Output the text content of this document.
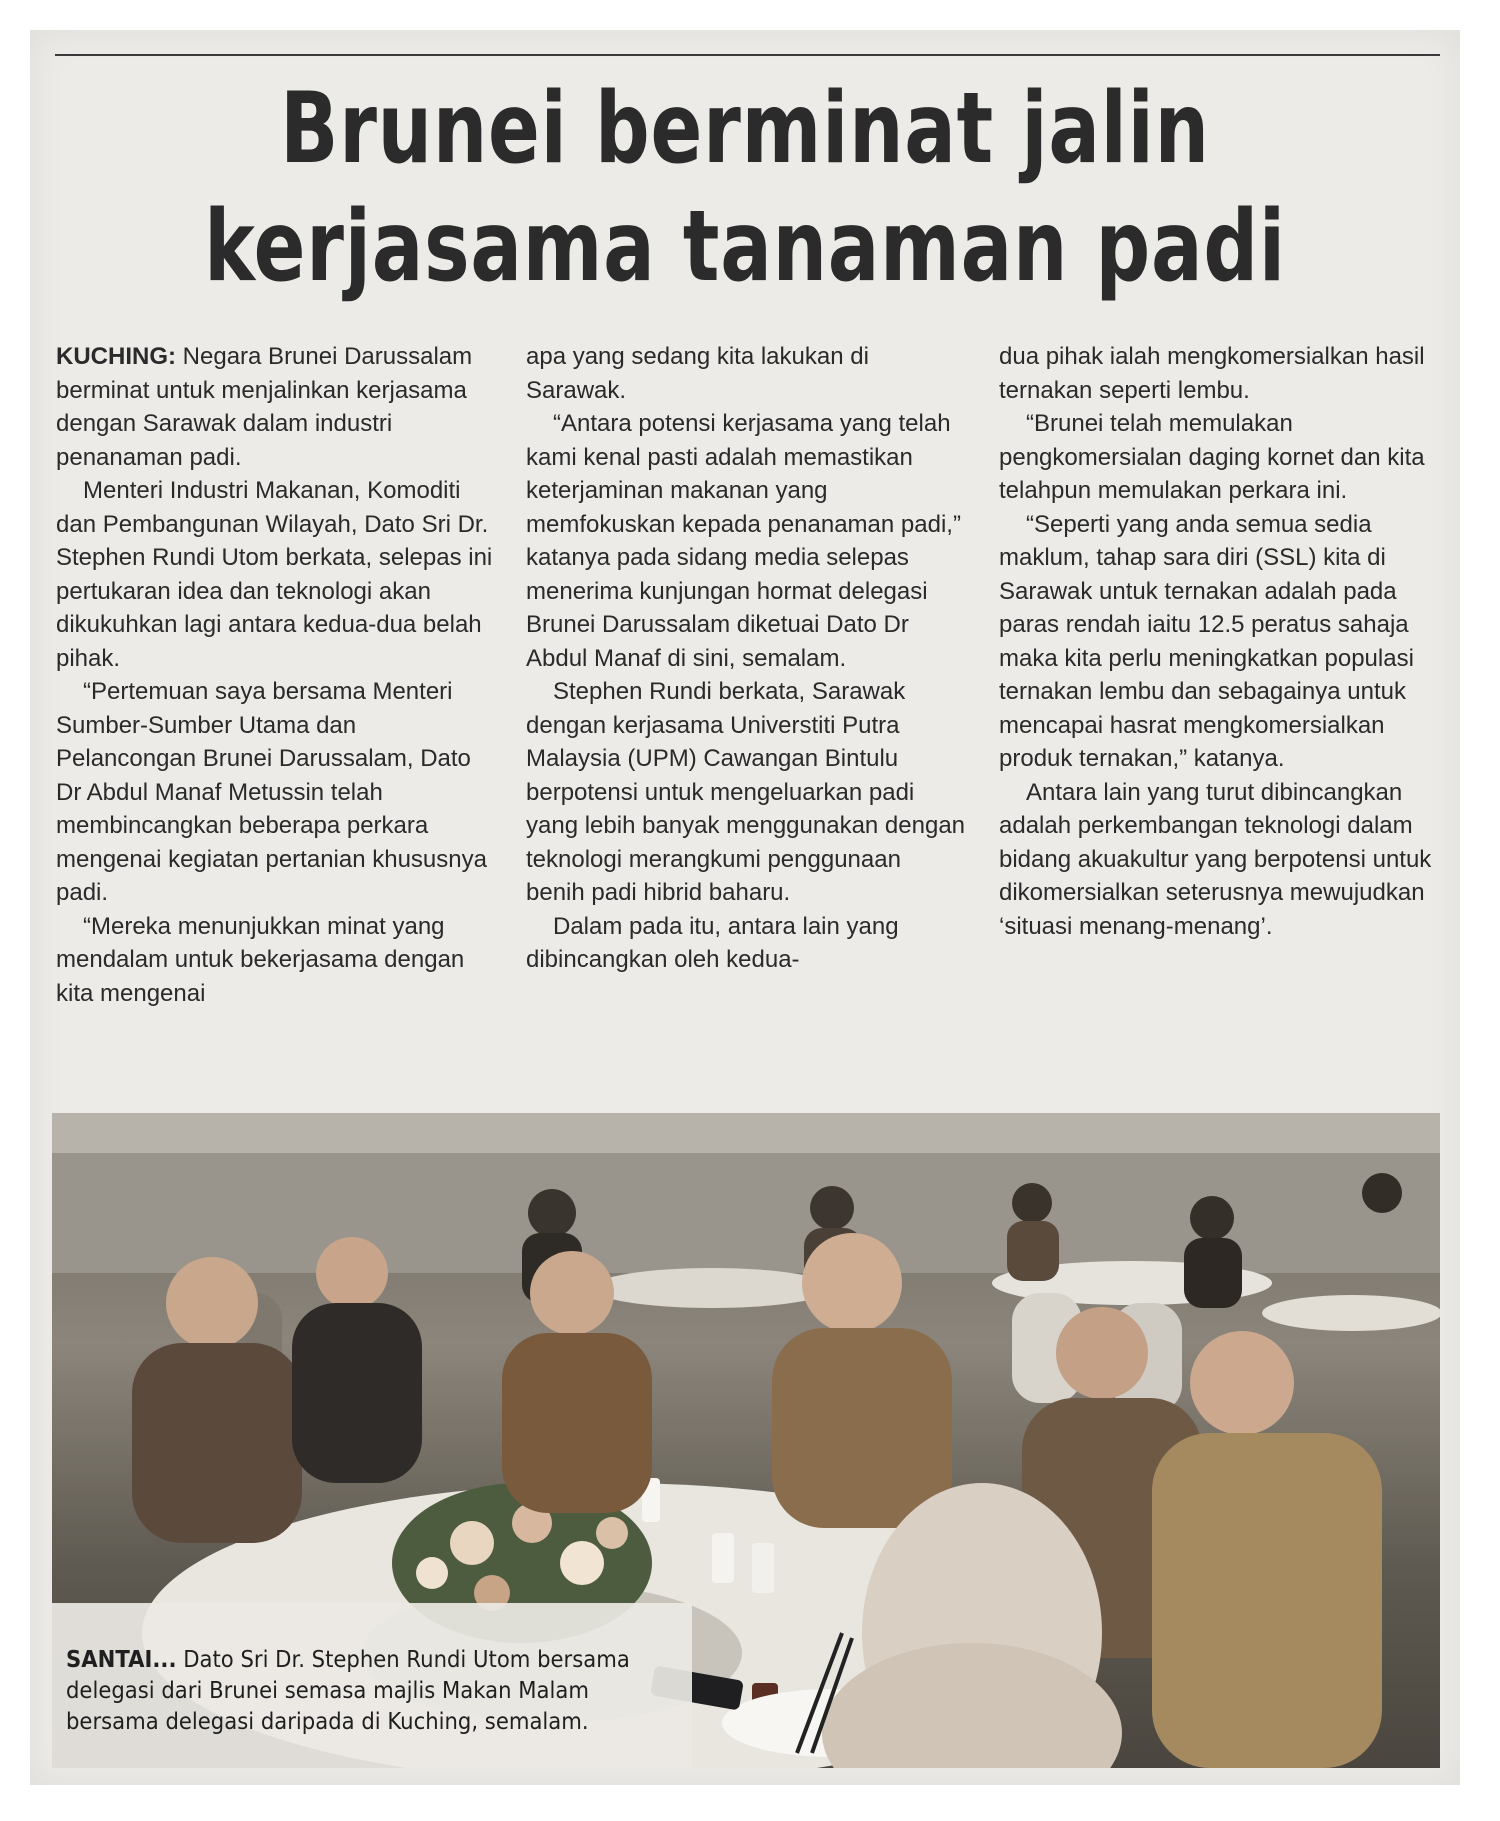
Brunei berminat jalin
kerjasama tanaman padi

KUCHING: Negara Brunei Darussalam berminat untuk menjalinkan kerjasama dengan Sarawak dalam industri penanaman padi.

Menteri Industri Makanan, Komoditi dan Pembangunan Wilayah, Dato Sri Dr. Stephen Rundi Utom berkata, selepas ini pertukaran idea dan teknologi akan dikukuhkan lagi antara kedua-dua belah pihak.

“Pertemuan saya bersama Menteri Sumber-Sumber Utama dan Pelancongan Brunei Darussalam, Dato Dr Abdul Manaf Metussin telah membincangkan beberapa perkara mengenai kegiatan pertanian khususnya padi.

“Mereka menunjukkan minat yang mendalam untuk bekerjasama dengan kita mengenai

apa yang sedang kita lakukan di Sarawak.

“Antara potensi kerjasama yang telah kami kenal pasti adalah memastikan keterjaminan makanan yang memfokuskan kepada penanaman padi,” katanya pada sidang media selepas menerima kunjungan hormat delegasi Brunei Darussalam diketuai Dato Dr Abdul Manaf di sini, semalam.

Stephen Rundi berkata, Sarawak dengan kerjasama Universtiti Putra Malaysia (UPM) Cawangan Bintulu berpotensi untuk mengeluarkan padi yang lebih banyak menggunakan dengan teknologi merangkumi penggunaan benih padi hibrid baharu.

Dalam pada itu, antara lain yang dibincangkan oleh kedua-

dua pihak ialah mengkomersialkan hasil ternakan seperti lembu.

“Brunei telah memulakan pengkomersialan daging kornet dan kita telahpun memulakan perkara ini.

“Seperti yang anda semua sedia maklum, tahap sara diri (SSL) kita di Sarawak untuk ternakan adalah pada paras rendah iaitu 12.5 peratus sahaja maka kita perlu meningkatkan populasi ternakan lembu dan sebagainya untuk mencapai hasrat mengkomersialkan produk ternakan,” katanya.

Antara lain yang turut dibincangkan adalah perkembangan teknologi dalam bidang akuakultur yang berpotensi untuk dikomersialkan seterusnya mewujudkan ‘situasi menang-menang’.

SANTAI... Dato Sri Dr. Stephen Rundi Utom bersama delegasi dari Brunei semasa majlis Makan Malam bersama delegasi daripada di Kuching, semalam.
